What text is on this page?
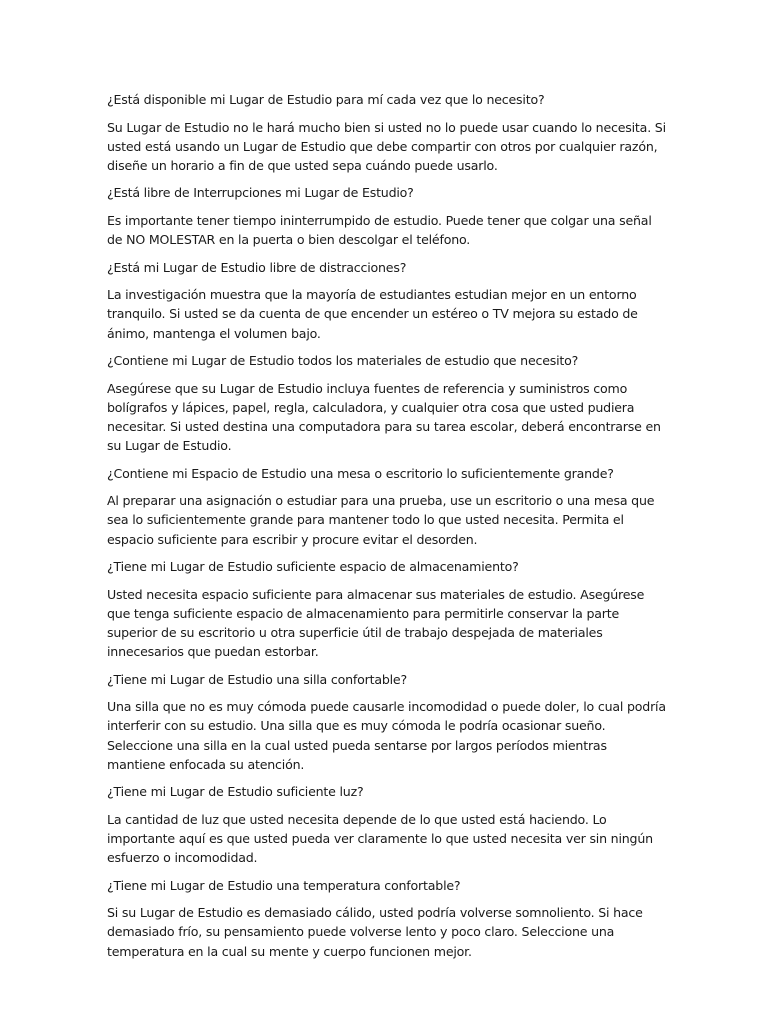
¿Está disponible mi Lugar de Estudio para mí cada vez que lo necesito?

Su Lugar de Estudio no le hará mucho bien si usted no lo puede usar cuando lo necesita. Si usted está usando un Lugar de Estudio que debe compartir con otros por cualquier razón, diseñe un horario a fin de que usted sepa cuándo puede usarlo.

¿Está libre de Interrupciones mi Lugar de Estudio?

Es importante tener tiempo ininterrumpido de estudio. Puede tener que colgar una señal de NO MOLESTAR en la puerta o bien descolgar el teléfono.

¿Está mi Lugar de Estudio libre de distracciones?

La investigación muestra que la mayoría de estudiantes estudian mejor en un entorno tranquilo. Si usted se da cuenta de que encender un estéreo o TV mejora su estado de ánimo, mantenga el volumen bajo.

¿Contiene mi Lugar de Estudio todos los materiales de estudio que necesito?

Asegúrese que su Lugar de Estudio incluya fuentes de referencia y suministros como bolígrafos y lápices, papel, regla, calculadora, y cualquier otra cosa que usted pudiera necesitar. Si usted destina una computadora para su tarea escolar, deberá encontrarse en su Lugar de Estudio.

¿Contiene mi Espacio de Estudio una mesa o escritorio lo suficientemente grande?

Al preparar una asignación o estudiar para una prueba, use un escritorio o una mesa que sea lo suficientemente grande para mantener todo lo que usted necesita. Permita el espacio suficiente para escribir y procure evitar el desorden.

¿Tiene mi Lugar de Estudio suficiente espacio de almacenamiento?

Usted necesita espacio suficiente para almacenar sus materiales de estudio. Asegúrese que tenga suficiente espacio de almacenamiento para permitirle conservar la parte superior de su escritorio u otra superficie útil de trabajo despejada de materiales innecesarios que puedan estorbar.

¿Tiene mi Lugar de Estudio una silla confortable?

Una silla que no es muy cómoda puede causarle incomodidad o puede doler, lo cual podría interferir con su estudio. Una silla que es muy cómoda le podría ocasionar sueño. Seleccione una silla en la cual usted pueda sentarse por largos períodos mientras mantiene enfocada su atención.

¿Tiene mi Lugar de Estudio suficiente luz?

La cantidad de luz que usted necesita depende de lo que usted está haciendo. Lo importante aquí es que usted pueda ver claramente lo que usted necesita ver sin ningún esfuerzo o incomodidad.

¿Tiene mi Lugar de Estudio una temperatura confortable?

Si su Lugar de Estudio es demasiado cálido, usted podría volverse somnoliento. Si hace demasiado frío, su pensamiento puede volverse lento y poco claro. Seleccione una temperatura en la cual su mente y cuerpo funcionen mejor.
